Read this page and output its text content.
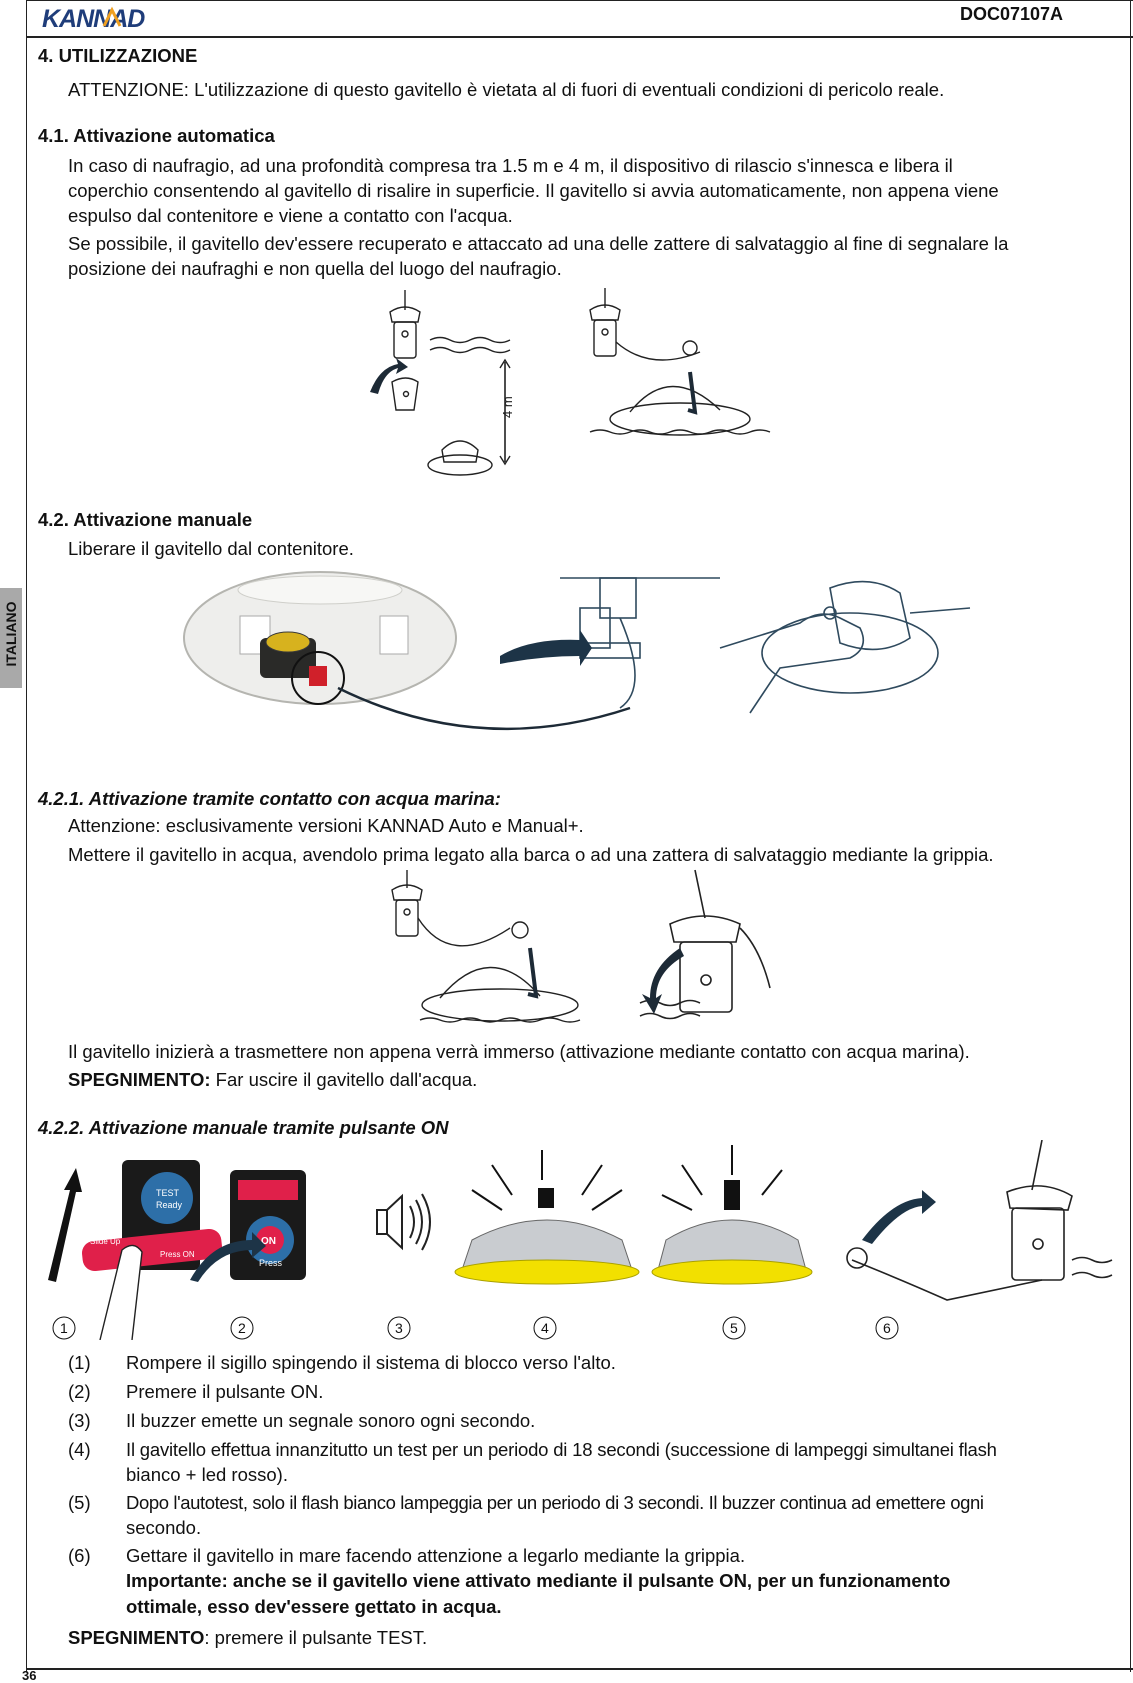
KANNAD	DOC07107A
ITALIANO
4. UTILIZZAZIONE
ATTENZIONE: L'utilizzazione di questo gavitello è vietata al di fuori di eventuali condizioni di pericolo reale.
4.1. Attivazione automatica
In caso di naufragio, ad una profondità compresa tra 1.5 m e 4 m, il dispositivo di rilascio s'innesca e libera il
coperchio consentendo al gavitello di risalire in superficie. Il gavitello si avvia automaticamente, non appena viene
espulso dal contenitore e viene a contatto con l'acqua.
Se possibile, il gavitello dev'essere recuperato e attaccato ad una delle zattere di salvataggio al fine di segnalare la
posizione dei naufraghi e non quella del luogo del naufragio.
4 m
4.2. Attivazione manuale
Liberare il gavitello dal contenitore.
4.2.1. Attivazione tramite contatto con acqua marina:
Attenzione: esclusivamente versioni KANNAD Auto e Manual+.
Mettere il gavitello in acqua, avendolo prima legato alla barca o ad una zattera di salvataggio mediante la grippia.
Il gavitello inizierà a trasmettere non appena verrà immerso (attivazione mediante contatto con acqua marina).
SPEGNIMENTO: Far uscire il gavitello dall'acqua.
4.2.2. Attivazione manuale tramite pulsante ON
TEST
Ready
Slide Up
Press ON
ON
Press
1	2	3	4	5	6
(1) Rompere il sigillo spingendo il sistema di blocco verso l'alto.
(2) Premere il pulsante ON.
(3) Il buzzer emette un segnale sonoro ogni secondo.
(4) Il gavitello effettua innanzitutto un test per un periodo di 18 secondi (successione di lampeggi simultanei flash
bianco + led rosso).
(5) Dopo l'autotest, solo il flash bianco lampeggia per un periodo di 3 secondi. Il buzzer continua ad emettere ogni
secondo.
(6) Gettare il gavitello in mare facendo attenzione a legarlo mediante la grippia.
Importante: anche se il gavitello viene attivato mediante il pulsante ON, per un funzionamento
ottimale, esso dev'essere gettato in acqua.
SPEGNIMENTO: premere il pulsante TEST.
36
